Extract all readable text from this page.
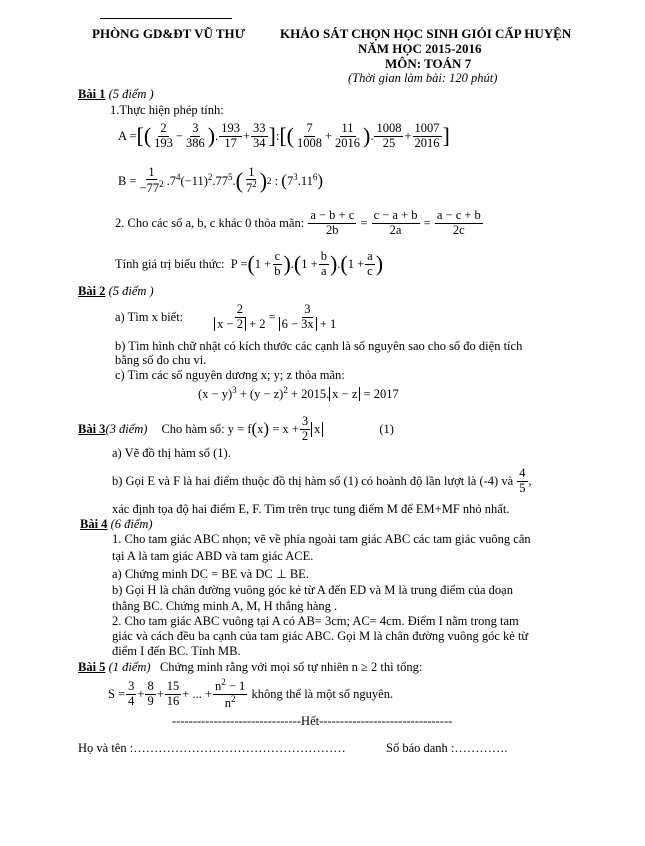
PHÒNG GD&ĐT VŨ THƯ	KHẢO SÁT CHỌN HỌC SINH GIỎI CẤP HUYỆN
NĂM HỌC 2015-2016
MÔN: TOÁN 7
(Thời gian làm bài: 120 phút)
Bài 1 (5 điểm )
1.Thực hiện phép tính:
A = [ ( $\frac{2}{193} - \frac{3}{386}$ ) . $\frac{193}{17} + \frac{33}{34}$ ] : [ ( $\frac{7}{1008} + \frac{11}{2016}$ ) . $\frac{1008}{25} + \frac{1007}{2016}$ ]
$B = \frac{1}{-77^2} .7^4(-11)^2.77^5$. ( $\frac{1}{7^2}$ ) 2 : ( $7^3.11^6$ )
2. Cho các số a, b, c khác 0 thỏa mãn:
$\frac{a - b + c}{2b} = \frac{c - a + b}{2a} = \frac{a - c + b}{2c}$
Tính giá trị biểu thức:
P = ( $1 + \frac{c}{b}$ ) . ( $1 + \frac{b}{a}$ ) . ( $1 + \frac{a}{c}$ )
Bài 2 (5 điểm )
a) Tìm x biết: $\frac{2}{x - 2 + 2} = \frac{3}{6 - 3x + 1}$
b) Tìm hình chữ nhật có kích thước các cạnh là số nguyên sao cho số đo diện tích
bằng số đo chu vi.
c) Tìm các số nguyên dương x; y; z thỏa mãn:
$(x - y)^3 + (y - z)^2 + 2015$. x − z = 2017
Bài 3 (3 điểm) Cho hàm số:
y = f ( x ) = $x + \frac{3}{2}$ x	(1)
a) Vẽ đồ thị hàm số (1).
b) Gọi E và F là hai điểm thuộc đồ thị hàm số (1) có hoành độ lần lượt là (-4) và
$\frac{4}{5}$ ,
xác định tọa độ hai điểm E, F. Tìm trên trục tung điểm M để EM+MF nhỏ nhất.
Bài 4 (6 điểm)
1. Cho tam giác ABC nhọn; vẽ về phía ngoài tam giác ABC các tam giác vuông cân
tại A là tam giác ABD và tam giác ACE.
a) Chứng minh DC = BE và DC ⊥ BE.
b) Gọi H là chân đường vuông góc kẻ từ A đến ED và M là trung điểm của đoạn
thẳng BC. Chứng minh A, M, H thẳng hàng .
2. Cho tam giác ABC vuông tại A có AB= 3cm; AC= 4cm. Điểm I nằm trong tam
giác và cách đều ba cạnh của tam giác ABC. Gọi M là chân đường vuông góc kẻ từ
điểm I đến BC. Tính MB.
Bài 5 (1 điểm) Chứng minh rằng với mọi số tự nhiên n ≥ 2 thì tổng:
$S = \frac{3}{4} + \frac{8}{9} + \frac{15}{16}$ + ... + $\frac{n^2 - 1}{n^2}$
không thể là một số nguyên.
-------------------------------Hết--------------------------------
Họ và tên :……………………………………………	Số báo danh :………….
